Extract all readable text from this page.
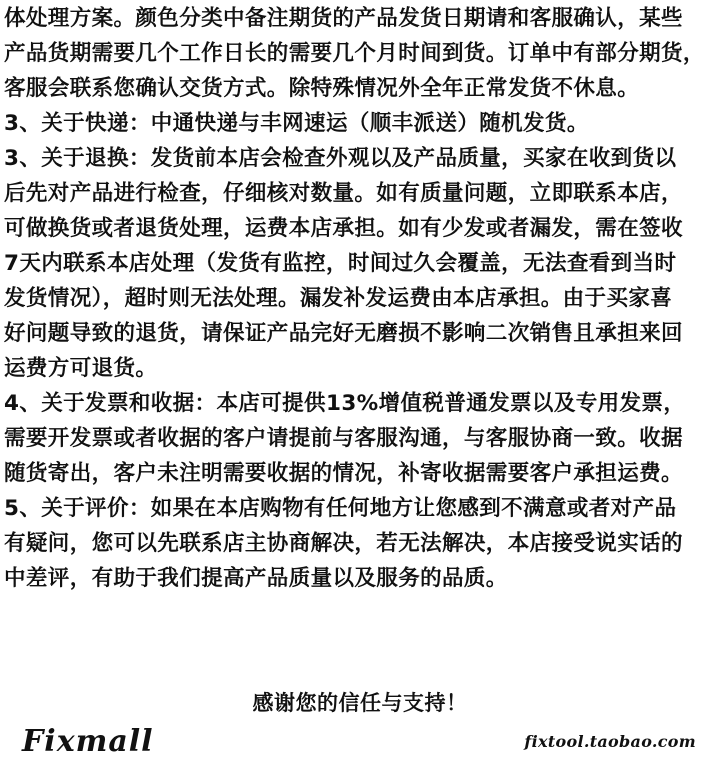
体处理方案。颜色分类中备注期货的产品发货日期请和客服确认，某些
产品货期需要几个工作日长的需要几个月时间到货。订单中有部分期货，
客服会联系您确认交货方式。除特殊情况外全年正常发货不休息。
3、关于快递：中通快递与丰网速运（顺丰派送）随机发货。
3、关于退换：发货前本店会检查外观以及产品质量，买家在收到货以
后先对产品进行检查，仔细核对数量。如有质量问题，立即联系本店，
可做换货或者退货处理，运费本店承担。如有少发或者漏发，需在签收
7天内联系本店处理（发货有监控，时间过久会覆盖，无法查看到当时
发货情况），超时则无法处理。漏发补发运费由本店承担。由于买家喜
好问题导致的退货，请保证产品完好无磨损不影响二次销售且承担来回
运费方可退货。
4、关于发票和收据：本店可提供13%增值税普通发票以及专用发票，
需要开发票或者收据的客户请提前与客服沟通，与客服协商一致。收据
随货寄出，客户未注明需要收据的情况，补寄收据需要客户承担运费。
5、关于评价：如果在本店购物有任何地方让您感到不满意或者对产品
有疑问，您可以先联系店主协商解决，若无法解决，本店接受说实话的
中差评，有助于我们提高产品质量以及服务的品质。
感谢您的信任与支持！
Fixmall	fixtool.taobao.com
